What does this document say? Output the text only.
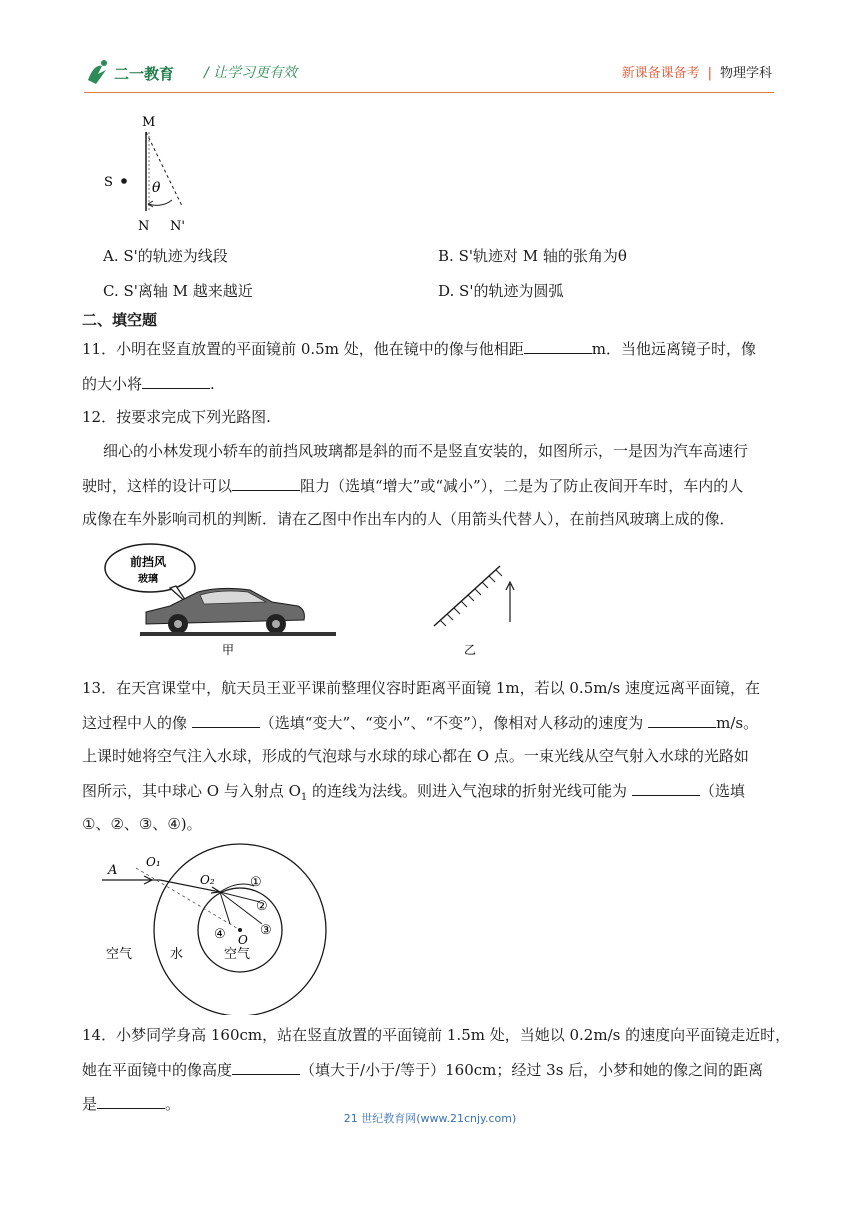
二一教育 / 让学习更有效	新课备课备考 | 物理学科
M
S	θ
N N'
A. S'的轨迹为线段	B. S'轨迹对 M 轴的张角为θ
C. S'离轴 M 越来越近	D. S'的轨迹为圆弧
二、填空题
11．小明在竖直放置的平面镜前 0.5m 处，他在镜中的像与他相距	m．当他远离镜子时，像
的大小将	.
12．按要求完成下列光路图.
细心的小林发现小轿车的前挡风玻璃都是斜的而不是竖直安装的，如图所示，一是因为汽车高速行
驶时，这样的设计可以	阻力（选填“增大”或“减小”），二是为了防止夜间开车时，车内的人
成像在车外影响司机的判断．请在乙图中作出车内的人（用箭头代替人），在前挡风玻璃上成的像．
前挡风
玻璃
甲	乙
13．在天宫课堂中，航天员王亚平课前整理仪容时距离平面镜 1m，若以 0.5m/s 速度远离平面镜，在
这过程中人的像	（选填“变大”、“变小”、“不变”），像相对人移动的速度为	m/s。
上课时她将空气注入水球，形成的气泡球与水球的球心都在 O 点。一束光线从空气射入水球的光路如
图所示，其中球心 O 与入射点 $O_1$ 的连线为法线。则进入气泡球的折射光线可能为	（选填
①、②、③、④)。
A
O₁
O₂	①
②
③
④ O
空气	水	空气
14．小梦同学身高 160cm，站在竖直放置的平面镜前 1.5m 处，当她以 0.2m/s 的速度向平面镜走近时，
她在平面镜中的像高度	（填大于/小于/等于）160cm；经过 3s 后，小梦和她的像之间的距离
是	。
21 世纪教育网(www.21cnjy.com)
